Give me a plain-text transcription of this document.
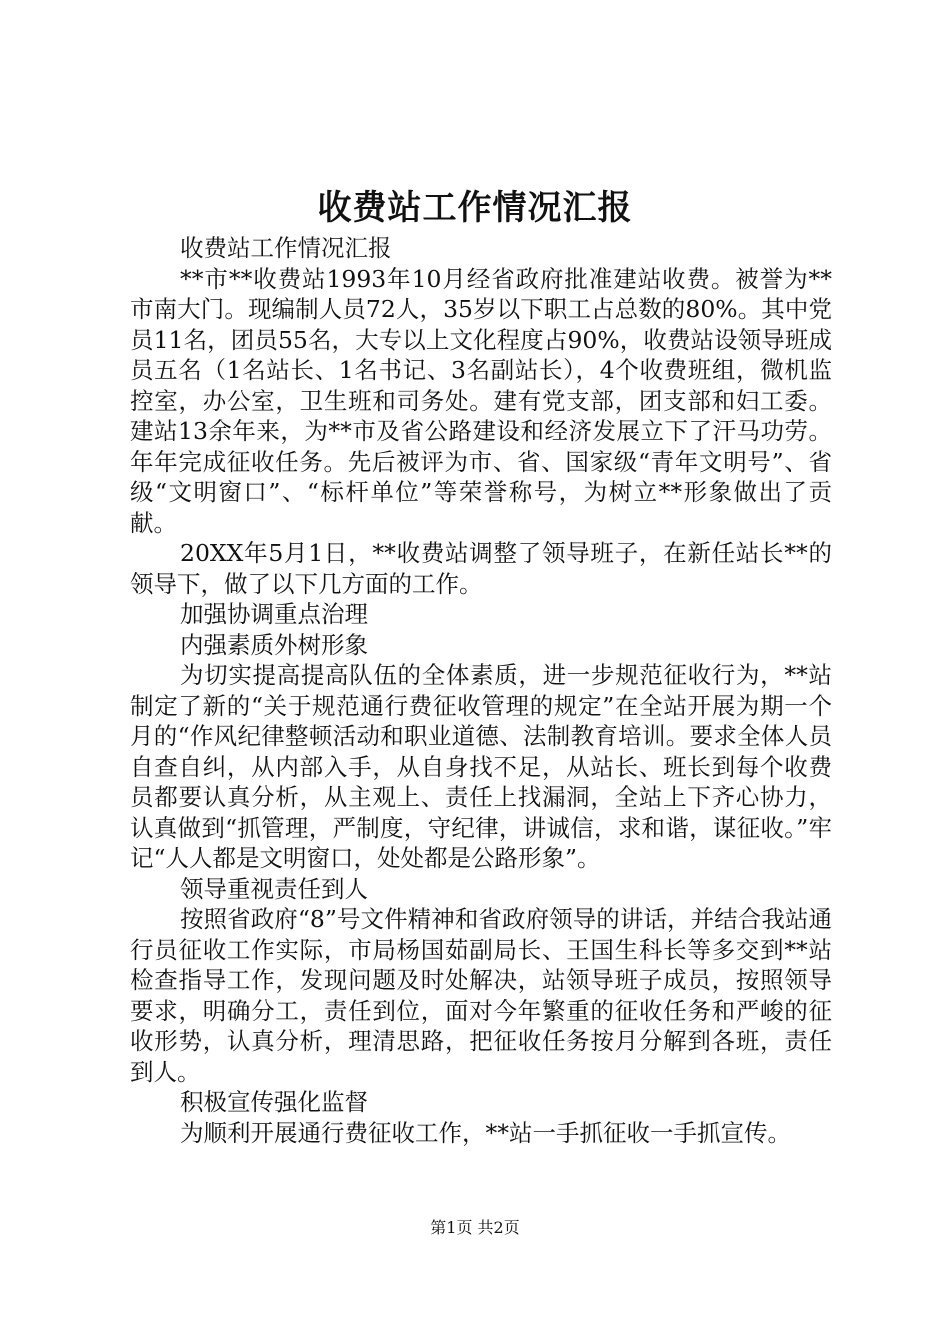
收费站工作情况汇报

收费站工作情况汇报

**市**收费站1993年10月经省政府批准建站收费。被誉为**市南大门。现编制人员72人，35岁以下职工占总数的80%。其中党员11名，团员55名，大专以上文化程度占90%，收费站设领导班成员五名（1名站长、1名书记、3名副站长），4个收费班组，微机监控室，办公室，卫生班和司务处。建有党支部，团支部和妇工委。建站13余年来，为**市及省公路建设和经济发展立下了汗马功劳。年年完成征收任务。先后被评为市、省、国家级“青年文明号”、省级“文明窗口”、“标杆单位”等荣誉称号，为树立**形象做出了贡献。

20XX年5月1日，**收费站调整了领导班子，在新任站长**的领导下，做了以下几方面的工作。

加强协调重点治理

内强素质外树形象

为切实提高提高队伍的全体素质，进一步规范征收行为，**站制定了新的“关于规范通行费征收管理的规定”在全站开展为期一个月的“作风纪律整顿活动和职业道德、法制教育培训。要求全体人员自查自纠，从内部入手，从自身找不足，从站长、班长到每个收费员都要认真分析，从主观上、责任上找漏洞，全站上下齐心协力，认真做到“抓管理，严制度，守纪律，讲诚信，求和谐，谋征收。”牢记“人人都是文明窗口，处处都是公路形象”。

领导重视责任到人

按照省政府“8”号文件精神和省政府领导的讲话，并结合我站通行员征收工作实际，市局杨国茹副局长、王国生科长等多交到**站检查指导工作，发现问题及时处解决，站领导班子成员，按照领导要求，明确分工，责任到位，面对今年繁重的征收任务和严峻的征收形势，认真分析，理清思路，把征收任务按月分解到各班，责任到人。

积极宣传强化监督

为顺利开展通行费征收工作，**站一手抓征收一手抓宣传。

第1页 共2页
